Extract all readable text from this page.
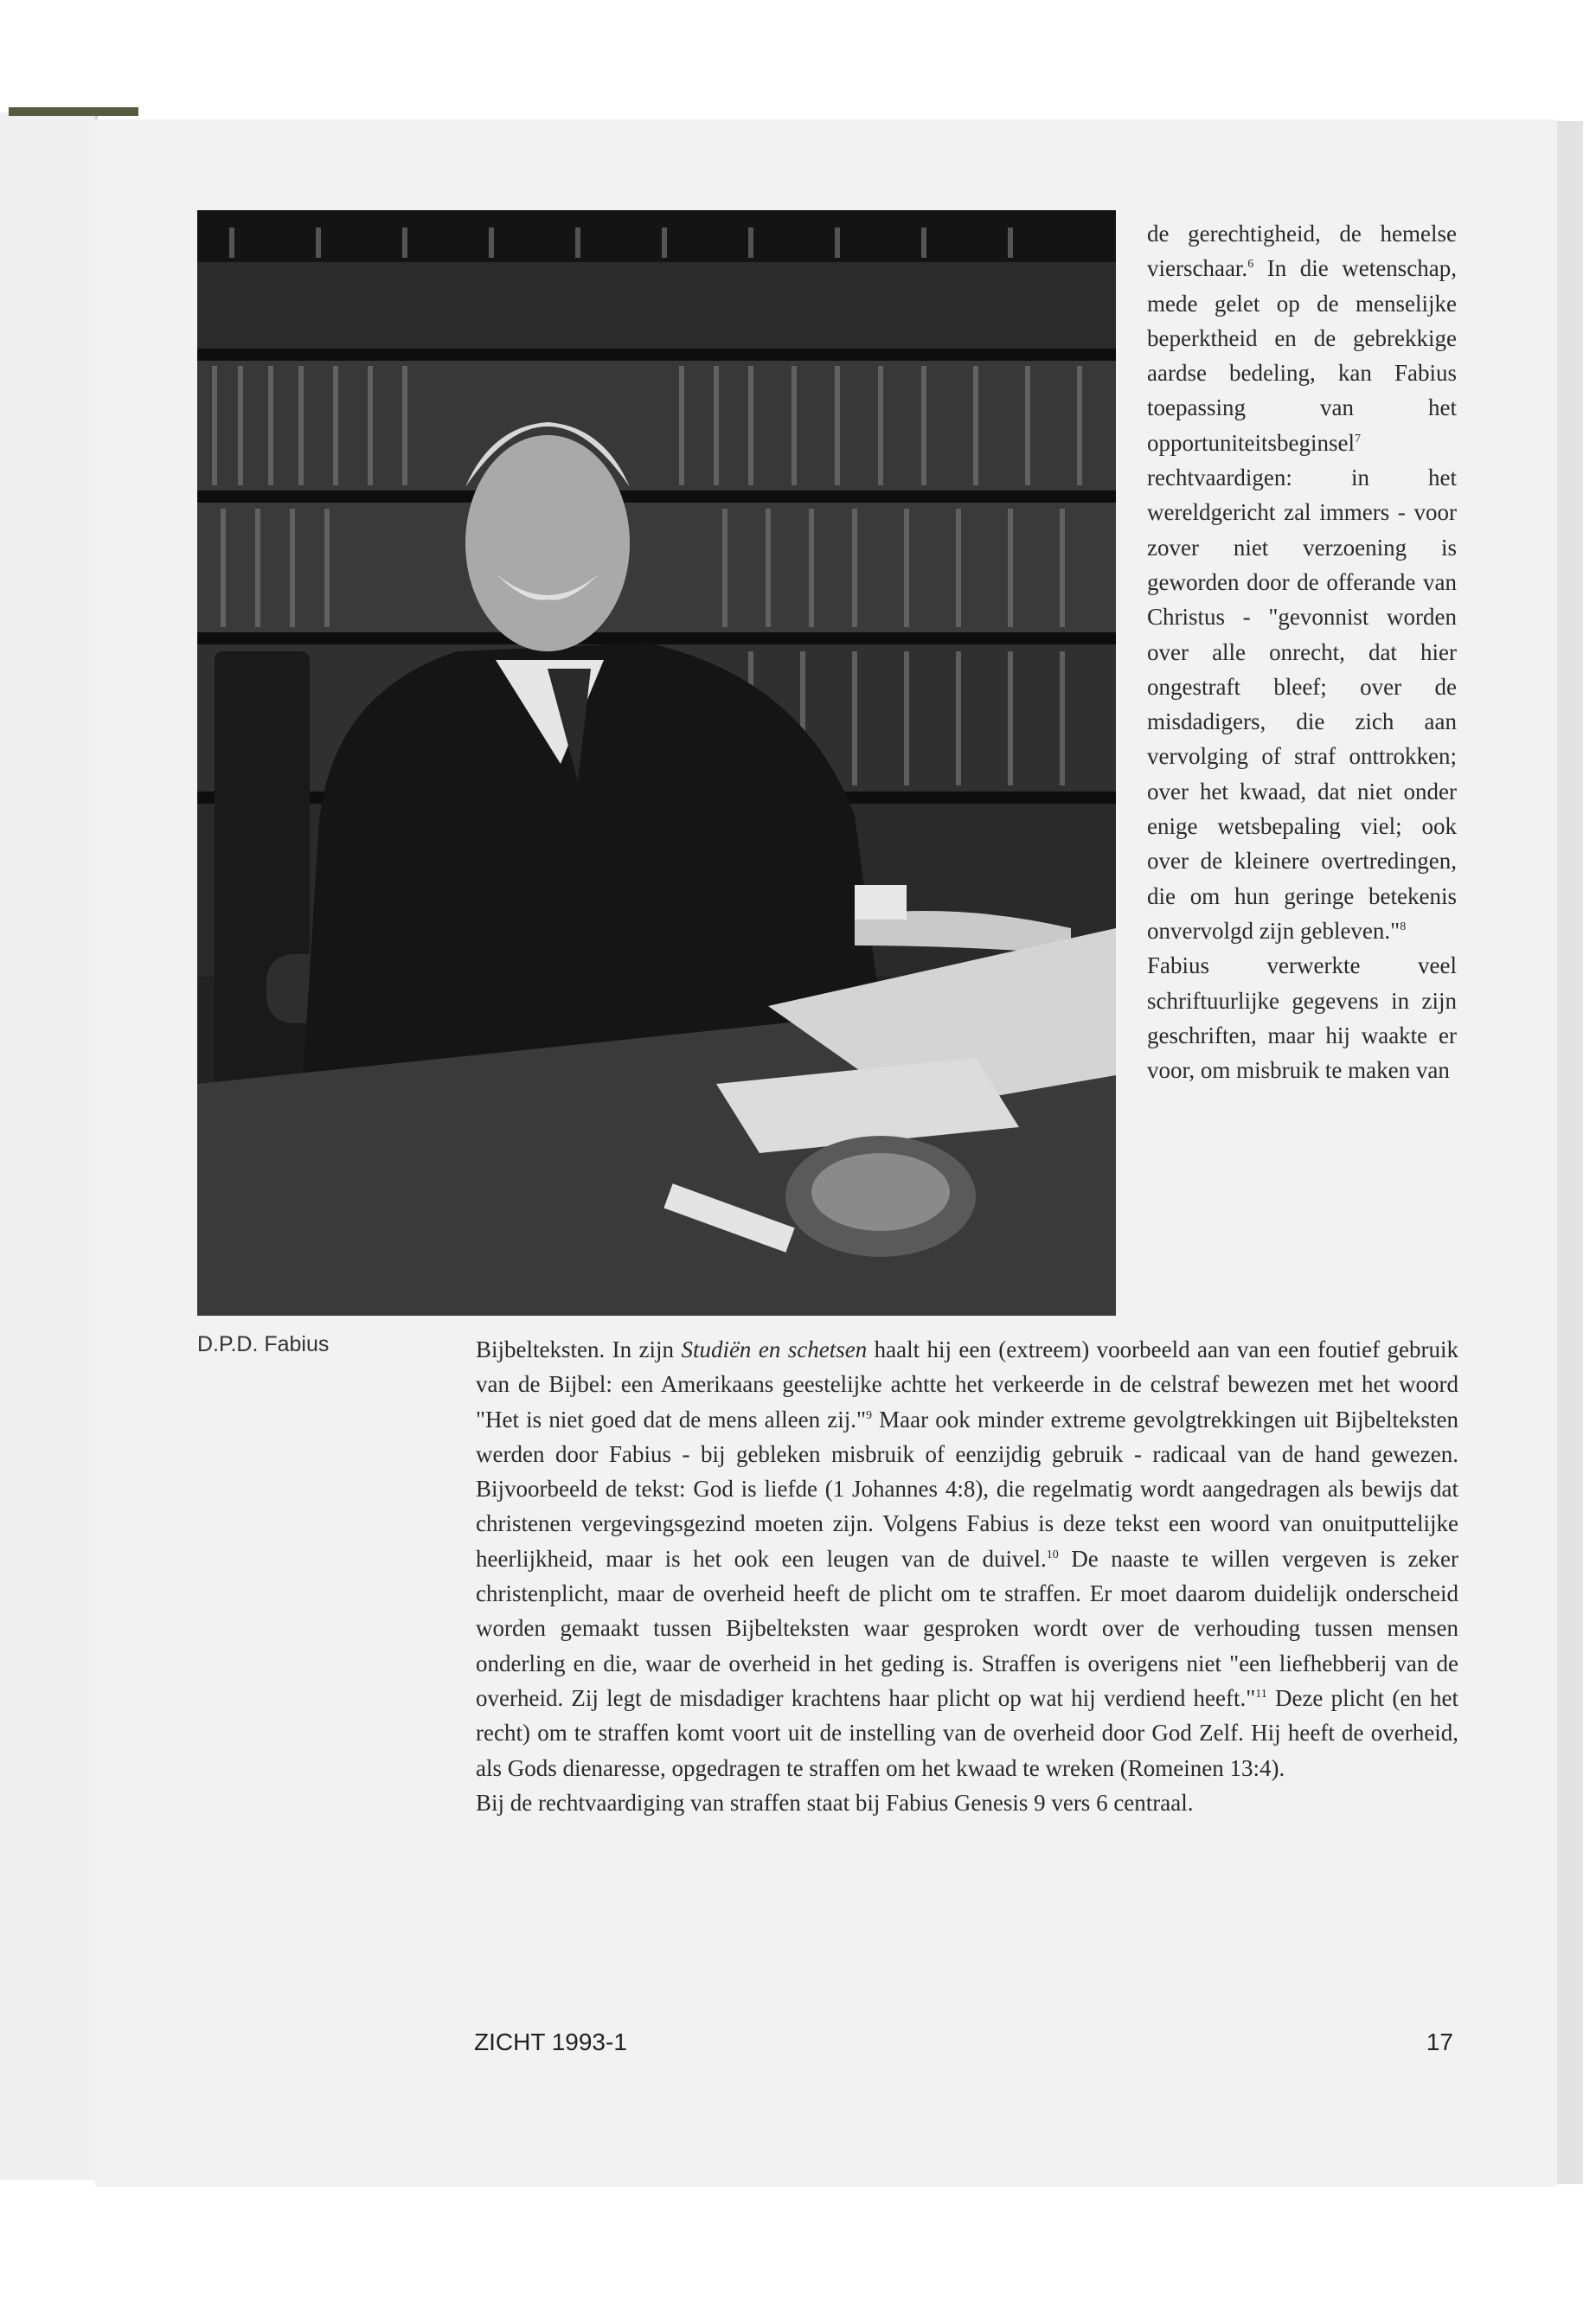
de gerechtigheid, de hemelse vierschaar.$^6$ In die wetenschap, mede gelet op de menselijke beperktheid en de gebrekkige aardse bedeling, kan Fabius toepassing van het opportuniteitsbeginsel$^7$ rechtvaardigen: in het wereldgericht zal immers - voor zover niet verzoening is geworden door de offerande van Christus - "gevonnist worden over alle onrecht, dat hier ongestraft bleef; over de misdadigers, die zich aan vervolging of straf onttrokken; over het kwaad, dat niet onder enige wetsbepaling viel; ook over de kleinere overtredingen, die om hun geringe betekenis onvervolgd zijn gebleven."$^8$

Fabius verwerkte veel schriftuurlijke gegevens in zijn geschriften, maar hij waakte er voor, om misbruik te maken van

D.P.D. Fabius	Bijbelteksten. In zijn Studiën en schetsen haalt hij een (extreem) voorbeeld aan van een foutief gebruik van de Bijbel: een Amerikaans geestelijke achtte het verkeerde in de celstraf bewezen met het woord "Het is niet goed dat de mens alleen zij."$^9$ Maar ook minder extreme gevolgtrekkingen uit Bijbelteksten werden door Fabius - bij gebleken misbruik of eenzijdig gebruik - radicaal van de hand gewezen. Bijvoorbeeld de tekst: God is liefde (1 Johannes 4:8), die regelmatig wordt aangedragen als bewijs dat christenen vergevingsgezind moeten zijn. Volgens Fabius is deze tekst een woord van onuitputtelijke heerlijkheid, maar is het ook een leugen van de duivel.$^{10}$ De naaste te willen vergeven is zeker christenplicht, maar de overheid heeft de plicht om te straffen. Er moet daarom duidelijk onderscheid worden gemaakt tussen Bijbelteksten waar gesproken wordt over de verhouding tussen mensen onderling en die, waar de overheid in het geding is. Straffen is overigens niet "een liefhebberij van de overheid. Zij legt de misdadiger krachtens haar plicht op wat hij verdiend heeft."$^{11}$ Deze plicht (en het recht) om te straffen komt voort uit de instelling van de overheid door God Zelf. Hij heeft de overheid, als Gods dienaresse, opgedragen te straffen om het kwaad te wreken (Romeinen 13:4).

Bij de rechtvaardiging van straffen staat bij Fabius Genesis 9 vers 6 centraal.

ZICHT 1993-1	17
